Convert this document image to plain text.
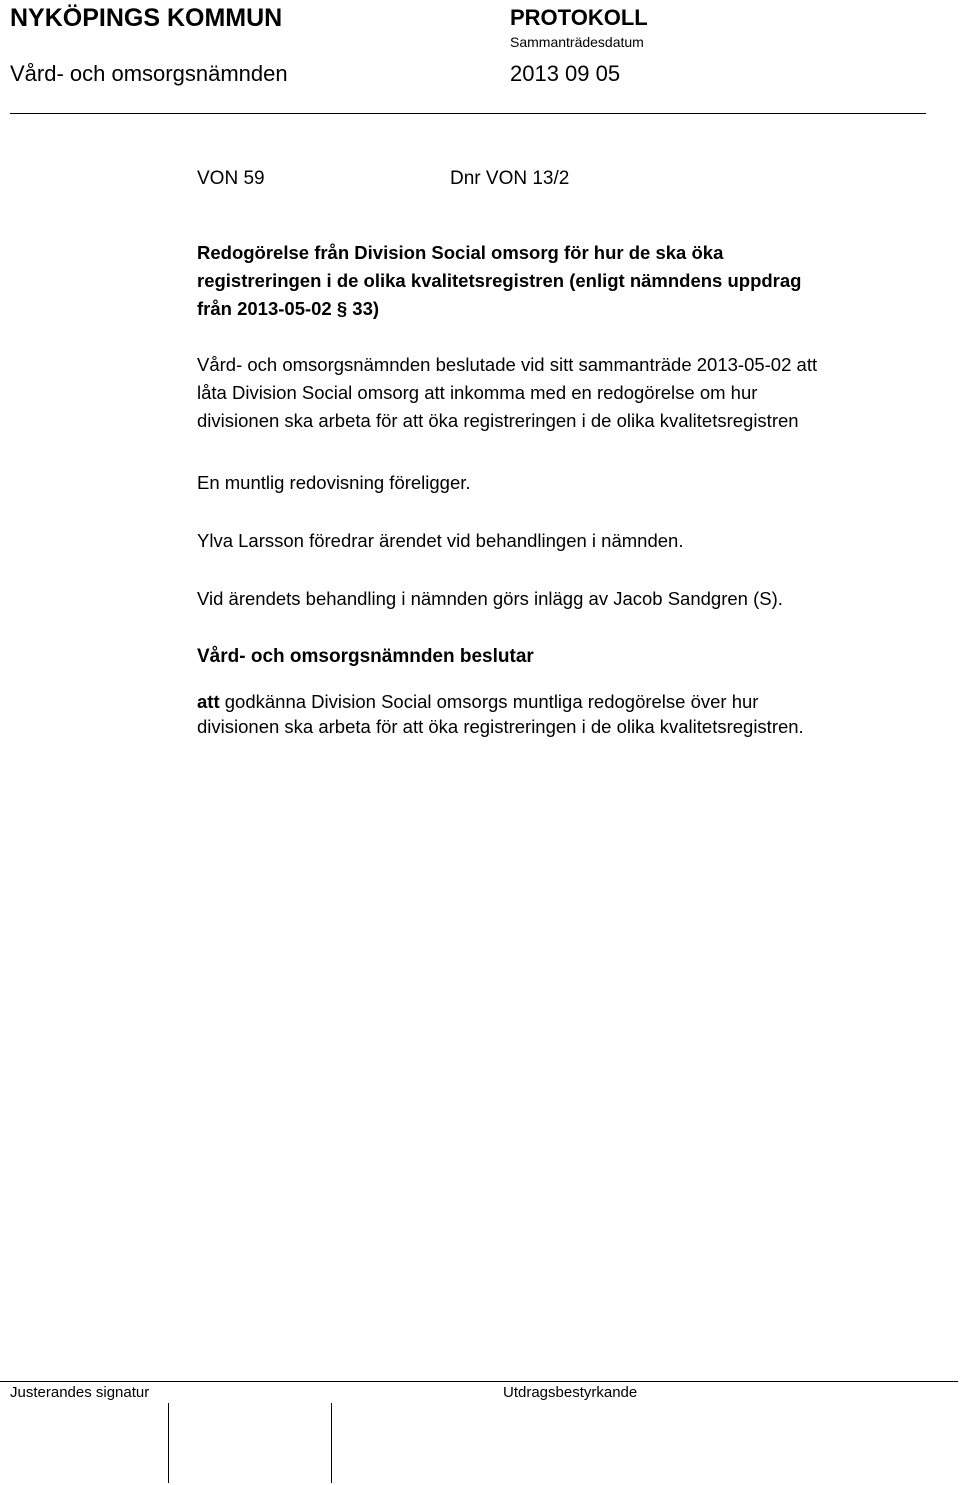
NYKÖPINGS KOMMUN	PROTOKOLL
Sammanträdesdatum
Vård- och omsorgsnämnden	2013 09 05
VON 59	Dnr VON 13/2
Redogörelse från Division Social omsorg för hur de ska öka
registreringen i de olika kvalitetsregistren (enligt nämndens uppdrag
från 2013-05-02 § 33)
Vård- och omsorgsnämnden beslutade vid sitt sammanträde 2013-05-02 att
låta Division Social omsorg att inkomma med en redogörelse om hur
divisionen ska arbeta för att öka registreringen i de olika kvalitetsregistren
En muntlig redovisning föreligger.
Ylva Larsson föredrar ärendet vid behandlingen i nämnden.
Vid ärendets behandling i nämnden görs inlägg av Jacob Sandgren (S).
Vård- och omsorgsnämnden beslutar
att godkänna Division Social omsorgs muntliga redogörelse över hur
divisionen ska arbeta för att öka registreringen i de olika kvalitetsregistren.
Justerandes signatur	Utdragsbestyrkande
